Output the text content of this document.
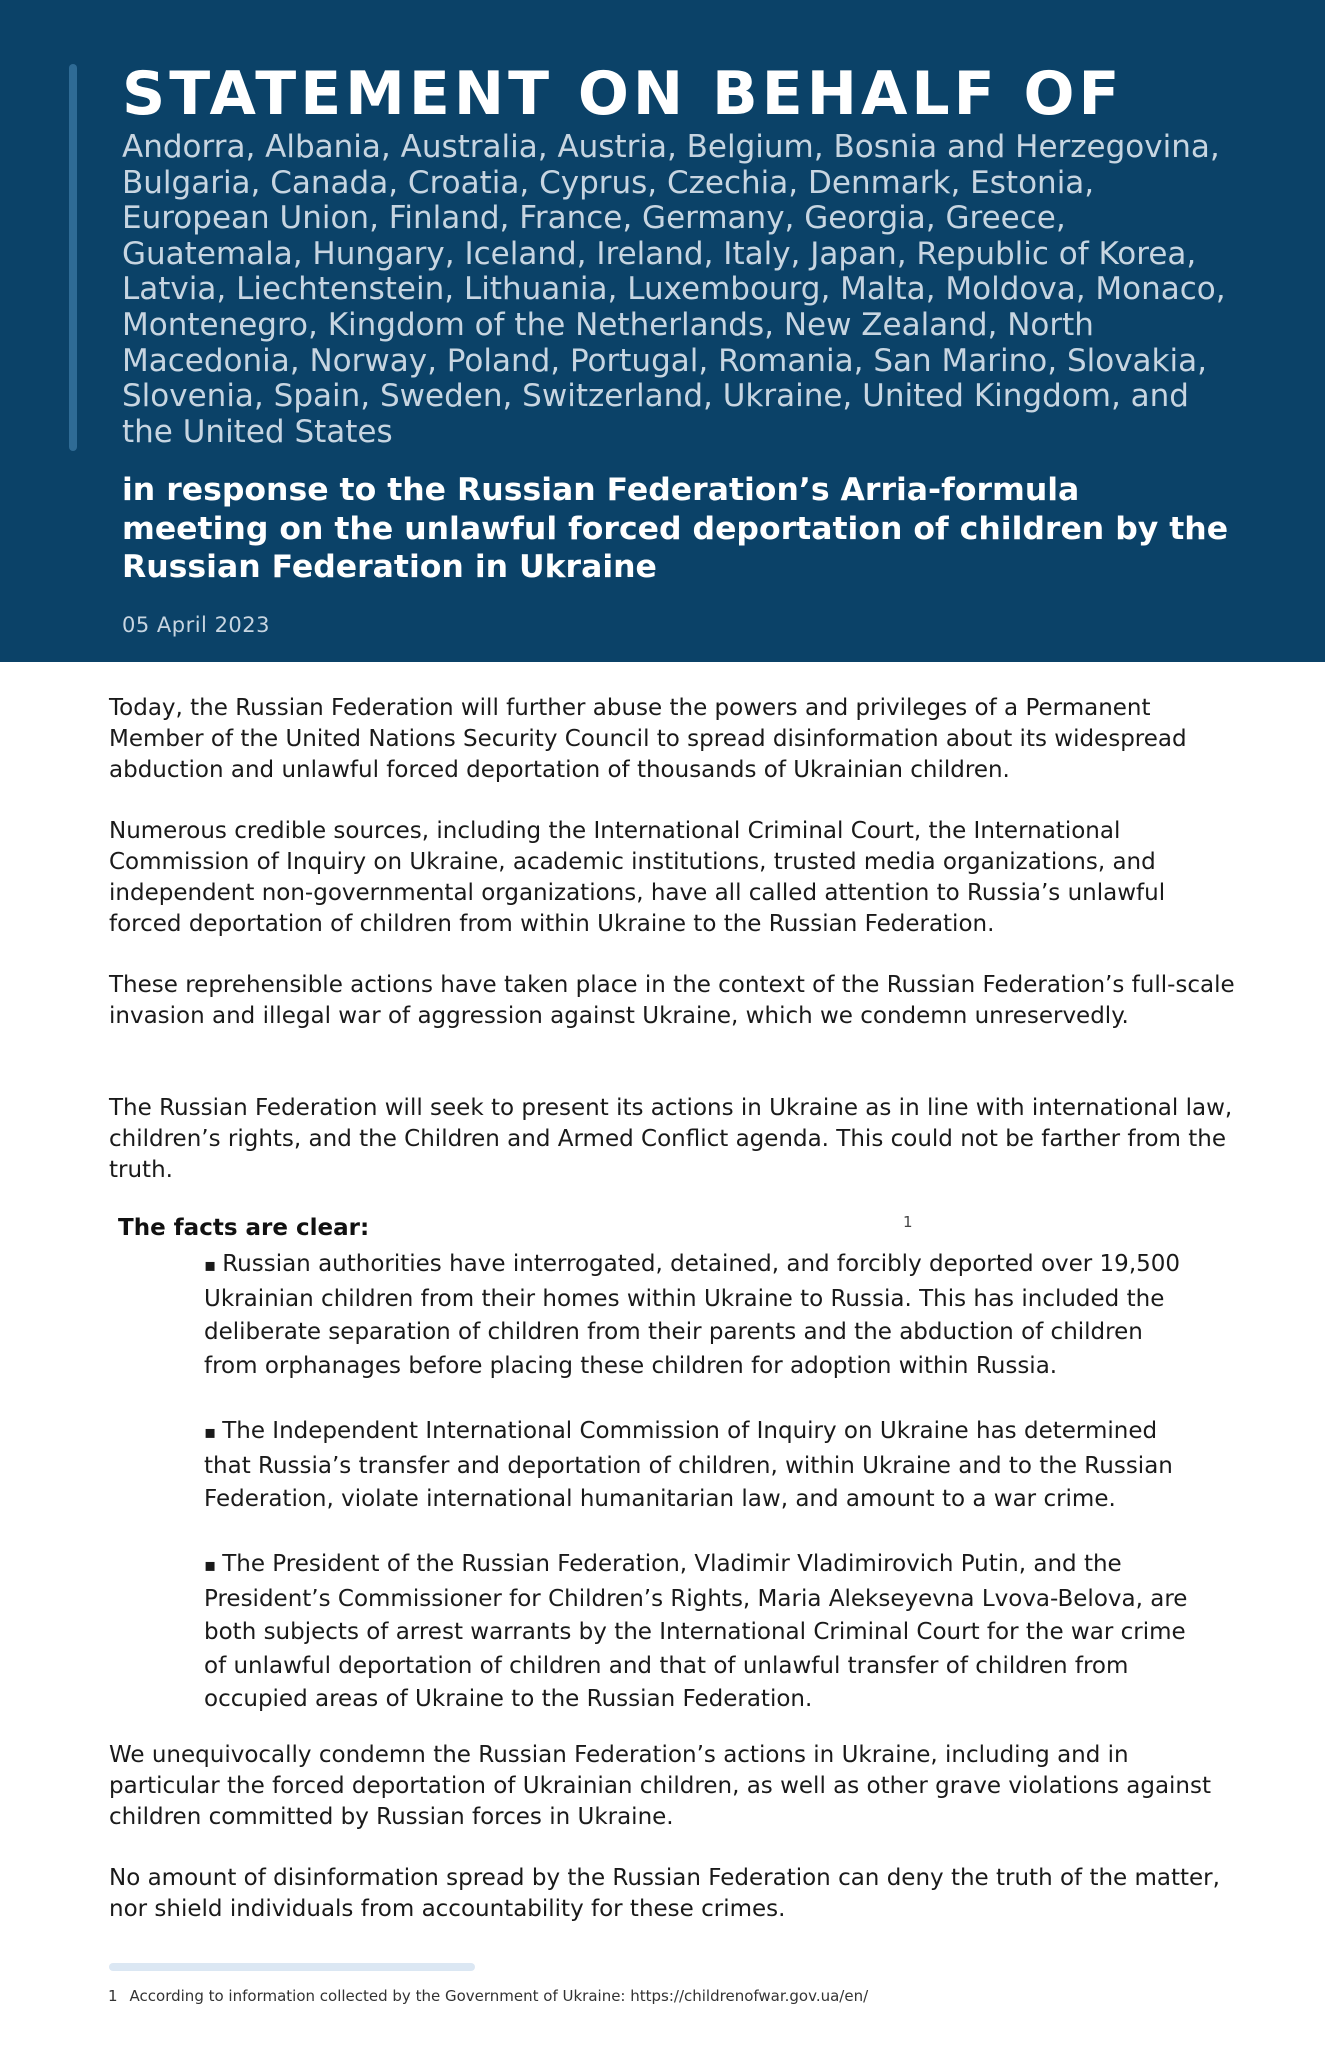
STATEMENT ON BEHALF OF
Andorra, Albania, Australia, Austria, Belgium, Bosnia and Herzegovina, Bulgaria, Canada, Croatia, Cyprus, Czechia, Denmark, Estonia, European Union, Finland, France, Germany, Georgia, Greece, Guatemala, Hungary, Iceland, Ireland, Italy, Japan, Republic of Korea, Latvia, Liechtenstein, Lithuania, Luxembourg, Malta, Moldova, Monaco, Montenegro, Kingdom of the Netherlands, New Zealand, North Macedonia, Norway, Poland, Portugal, Romania, San Marino, Slovakia, Slovenia, Spain, Sweden, Switzerland, Ukraine, United Kingdom, and the United States
in response to the Russian Federation’s Arria-formula meeting on the unlawful forced deportation of children by the Russian Federation in Ukraine
05 April 2023

Today, the Russian Federation will further abuse the powers and privileges of a Permanent Member of the United Nations Security Council to spread disinformation about its widespread abduction and unlawful forced deportation of thousands of Ukrainian children.

Numerous credible sources, including the International Criminal Court, the International Commission of Inquiry on Ukraine, academic institutions, trusted media organizations, and independent non-governmental organizations, have all called attention to Russia’s unlawful forced deportation of children from within Ukraine to the Russian Federation.

These reprehensible actions have taken place in the context of the Russian Federation’s full-scale invasion and illegal war of aggression against Ukraine, which we condemn unreservedly.

The Russian Federation will seek to present its actions in Ukraine as in line with international law, children’s rights, and the Children and Armed Conflict agenda. This could not be farther from the truth.

The facts are clear:	1

▪ Russian authorities have interrogated, detained, and forcibly deported over 19,500 Ukrainian children from their homes within Ukraine to Russia. This has included the deliberate separation of children from their parents and the abduction of children from orphanages before placing these children for adoption within Russia.

▪ The Independent International Commission of Inquiry on Ukraine has determined that Russia’s transfer and deportation of children, within Ukraine and to the Russian Federation, violate international humanitarian law, and amount to a war crime.

▪ The President of the Russian Federation, Vladimir Vladimirovich Putin, and the President’s Commissioner for Children’s Rights, Maria Alekseyevna Lvova-Belova, are both subjects of arrest warrants by the International Criminal Court for the war crime of unlawful deportation of children and that of unlawful transfer of children from occupied areas of Ukraine to the Russian Federation.

We unequivocally condemn the Russian Federation’s actions in Ukraine, including and in particular the forced deportation of Ukrainian children, as well as other grave violations against children committed by Russian forces in Ukraine.

No amount of disinformation spread by the Russian Federation can deny the truth of the matter, nor shield individuals from accountability for these crimes.

1 According to information collected by the Government of Ukraine: https://childrenofwar.gov.ua/en/
